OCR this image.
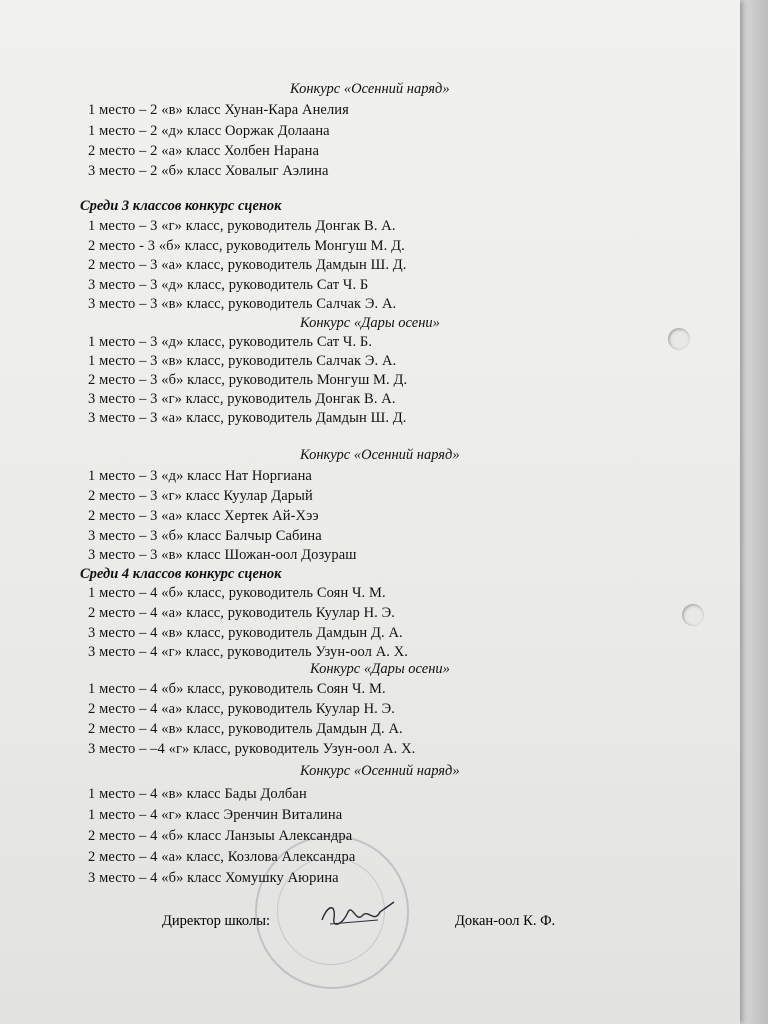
Конкурс «Осенний наряд»
1 место – 2 «в» класс Хунан-Кара Анелия
1 место – 2 «д» класс Ооржак Долаана
2 место – 2 «а» класс Холбен Нарана
3 место – 2 «б» класс Ховалыг Аэлина
Среди 3 классов конкурс сценок
1 место – 3 «г» класс, руководитель Донгак В. А.
2 место - 3 «б» класс, руководитель Монгуш М. Д.
2 место – 3 «а» класс, руководитель Дамдын Ш. Д.
3 место – 3 «д» класс, руководитель Сат Ч. Б
3 место – 3 «в» класс, руководитель Салчак Э. А.
Конкурс «Дары осени»
1 место – 3 «д» класс, руководитель Сат Ч. Б.
1 место – 3 «в» класс, руководитель Салчак Э. А.
2 место – 3 «б» класс, руководитель Монгуш М. Д.
3 место – 3 «г» класс, руководитель Донгак В. А.
3 место – 3 «а» класс, руководитель Дамдын Ш. Д.
Конкурс «Осенний наряд»
1 место – 3 «д» класс Нат Норгиана
2 место – 3 «г» класс Куулар Дарый
2 место – 3 «а» класс Хертек Ай-Хээ
3 место – 3 «б» класс Балчыр Сабина
3 место – 3 «в» класс Шожан-оол Дозураш
Среди 4 классов конкурс сценок
1 место – 4 «б» класс, руководитель Соян Ч. М.
2 место – 4 «а» класс, руководитель Куулар Н. Э.
3 место – 4 «в» класс, руководитель Дамдын Д. А.
3 место – 4 «г» класс, руководитель Узун-оол А. Х.
Конкурс «Дары осени»
1 место – 4 «б» класс, руководитель Соян Ч. М.
2 место – 4 «а» класс, руководитель Куулар Н. Э.
2 место – 4 «в» класс, руководитель Дамдын Д. А.
3 место – –4 «г» класс, руководитель Узун-оол А. Х.
Конкурс «Осенний наряд»
1 место – 4 «в» класс Бады Долбан
1 место – 4 «г» класс Эренчин Виталина
2 место – 4 «б» класс Ланзыы Александра
2 место – 4 «а» класс, Козлова Александра
3 место – 4 «б» класс Хомушку Аюрина
Директор школы:	Докан-оол К. Ф.
